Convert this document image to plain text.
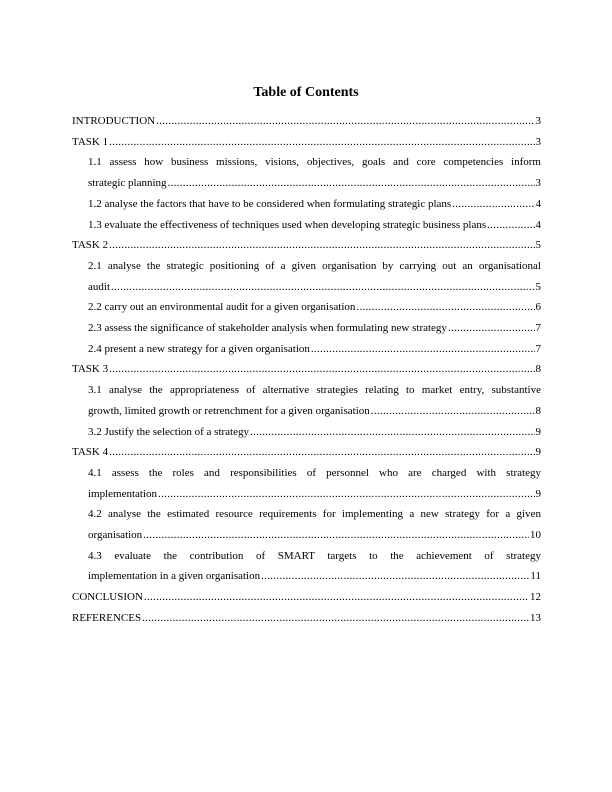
Table of Contents
INTRODUCTION .....	3
TASK 1 .....	3
1.1 assess how business missions, visions, objectives, goals and core competencies inform
strategic planning .....	3
1.2 analyse the factors that have to be considered when formulating strategic plans .....	4
1.3 evaluate the effectiveness of techniques used when developing strategic business plans .....	4
TASK 2 .....	5
2.1 analyse the strategic positioning of a given organisation by carrying out an organisational
audit .....	5
2.2 carry out an environmental audit for a given organisation .....	6
2.3 assess the significance of stakeholder analysis when formulating new strategy .....	7
2.4 present a new strategy for a given organisation .....	7
TASK 3 .....	8
3.1 analyse the appropriateness of alternative strategies relating to market entry, substantive
growth, limited growth or retrenchment for a given organisation .....	8
3.2 Justify the selection of a strategy .....	9
TASK 4 .....	9
4.1 assess the roles and responsibilities of personnel who are charged with strategy
implementation .....	9
4.2 analyse the estimated resource requirements for implementing a new strategy for a given
organisation .....	10
4.3 evaluate the contribution of SMART targets to the achievement of strategy
implementation in a given organisation .....	11
CONCLUSION .....	12
REFERENCES .....	13
